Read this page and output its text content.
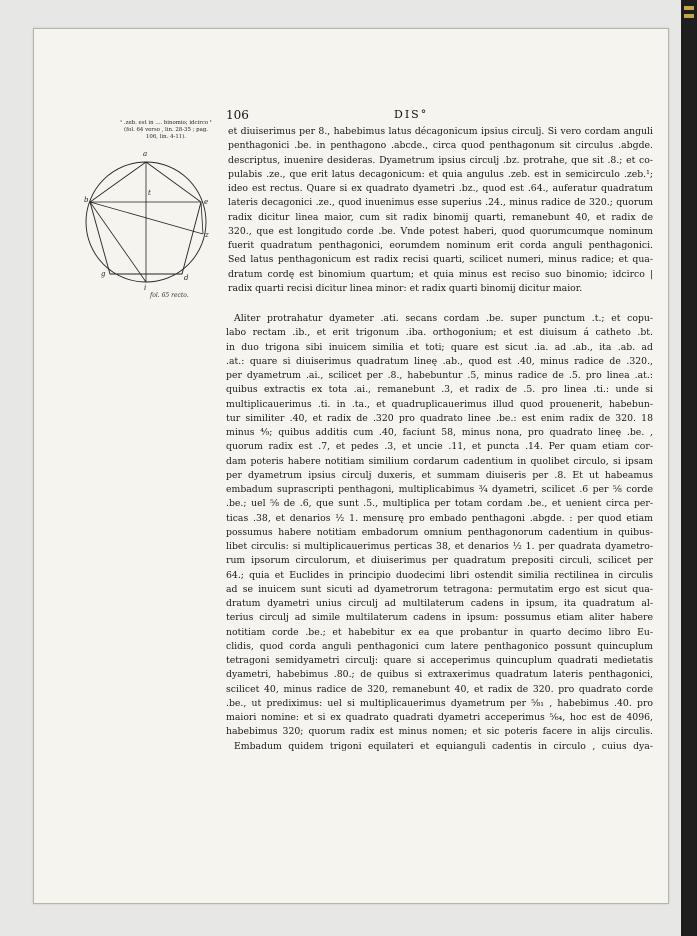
106	DIS°
¹ .zeb. est in .... binomio; idcirco ¹
(fol. 64 verso , lin. 28-35 ; pag.
106, lin. 4-11).
a
b	e
t
z
g
i
d
fol. 65 recto.
et diuiserimus per 8., habebimus latus décagonicum ipsius circulj. Si vero cordam anguli
penthagonici .be. in penthagono .abcde., circa quod penthagonum sit circulus .abgde.
descriptus, inuenire desideras. Dyametrum ipsius circulj .bz. protrahe, que sit .8.; et co-
pulabis .ze., que erit latus decagonicum: et quia angulus .zeb. est in semicirculo .zeb.¹;
ideo est rectus. Quare si ex quadrato dyametri .bz., quod est .64., auferatur quadratum
lateris decagonici .ze., quod inuenimus esse superius .24., minus radice de 320.; quorum
radix dicitur linea maior, cum sit radix binomij quarti, remanebunt 40, et radix de
320., que est longitudo corde .be. Vnde potest haberi, quod quorumcumque nominum
fuerit quadratum penthagonici, eorumdem nominum erit corda anguli penthagonici.
Sed latus penthagonicum est radix recisi quarti, scilicet numeri, minus radice; et qua-
dratum cordę est binomium quartum; et quia minus est reciso suo binomio; idcirco |
radix quarti recisi dicitur linea minor: et radix quarti binomij dicitur maior.
Aliter protrahatur dyameter .ati. secans cordam .be. super punctum .t.; et copu-
labo rectam .ib., et erit trigonum .iba. orthogonium; et est diuisum á catheto .bt.
in duo trigona sibi inuicem similia et toti; quare est sicut .ia. ad .ab., ita .ab. ad
.at.: quare si diuiserimus quadratum lineę .ab., quod est .40, minus radice de .320.,
per dyametrum .ai., scilicet per .8., habebuntur .5, minus radice de .5. pro linea .at.:
quibus extractis ex tota .ai., remanebunt .3, et radix de .5. pro linea .ti.: unde si
multiplicauerimus .ti. in .ta., et quadruplicauerimus illud quod prouenerit, habebun-
tur similiter .40, et radix de .320 pro quadrato linee .be.: est enim radix de 320. 18
minus ⁴⁄₉; quibus additis cum .40, faciunt 58, minus nona, pro quadrato lineę .be. ,
quorum radix est .7, et pedes .3, et uncie .11, et puncta .14. Per quam etiam cor-
dam poteris habere notitiam similium cordarum cadentium in quolibet circulo, si ipsam
per dyametrum ipsius circulj duxeris, et summam diuiseris per .8. Et ut habeamus
embadum suprascripti penthagoni, multiplicabimus ³⁄₄ dyametri, scilicet .6 per ⁵⁄₈ corde
.be.; uel ⁵⁄₈ de .6, que sunt .5., multiplica per totam cordam .be., et uenient circa per-
ticas .38, et denarios ½ 1. mensurę pro embado penthagoni .abgde. : per quod etiam
possumus habere notitiam embadorum omnium penthagonorum cadentium in quibus-
libet circulis: si multiplicauerimus perticas 38, et denarios ½ 1. per quadrata dyametro-
rum ipsorum circulorum, et diuiserimus per quadratum prepositi circuli, scilicet per
64.; quia et Euclides in principio duodecimi libri ostendit similia rectilinea in circulis
ad se inuicem sunt sicuti ad dyametrorum tetragona: permutatim ergo est sicut qua-
dratum dyametri unius circulj ad multilaterum cadens in ipsum, ita quadratum al-
terius circulj ad simile multilaterum cadens in ipsum: possumus etiam aliter habere
notitiam corde .be.; et habebitur ex ea que probantur in quarto decimo libro Eu-
clidis, quod corda anguli penthagonici cum latere penthagonico possunt quincuplum
tetragoni semidyametri circulj: quare si acceperimus quincuplum quadrati medietatis
dyametri, habebimus .80.; de quibus si extraxerimus quadratum lateris penthagonici,
scilicet 40, minus radice de 320, remanebunt 40, et radix de 320. pro quadrato corde
.be., ut prediximus: uel si multiplicauerimus dyametrum per ⁵⁄₈₁ , habebimus .40. pro
maiori nomine: et si ex quadrato quadrati dyametri acceperimus ⁵⁄₆₄, hoc est de 4096,
habebimus 320; quorum radix est minus nomen; et sic poteris facere in alijs circulis.
Embadum quidem trigoni equilateri et equianguli cadentis in circulo , cuius dya-
